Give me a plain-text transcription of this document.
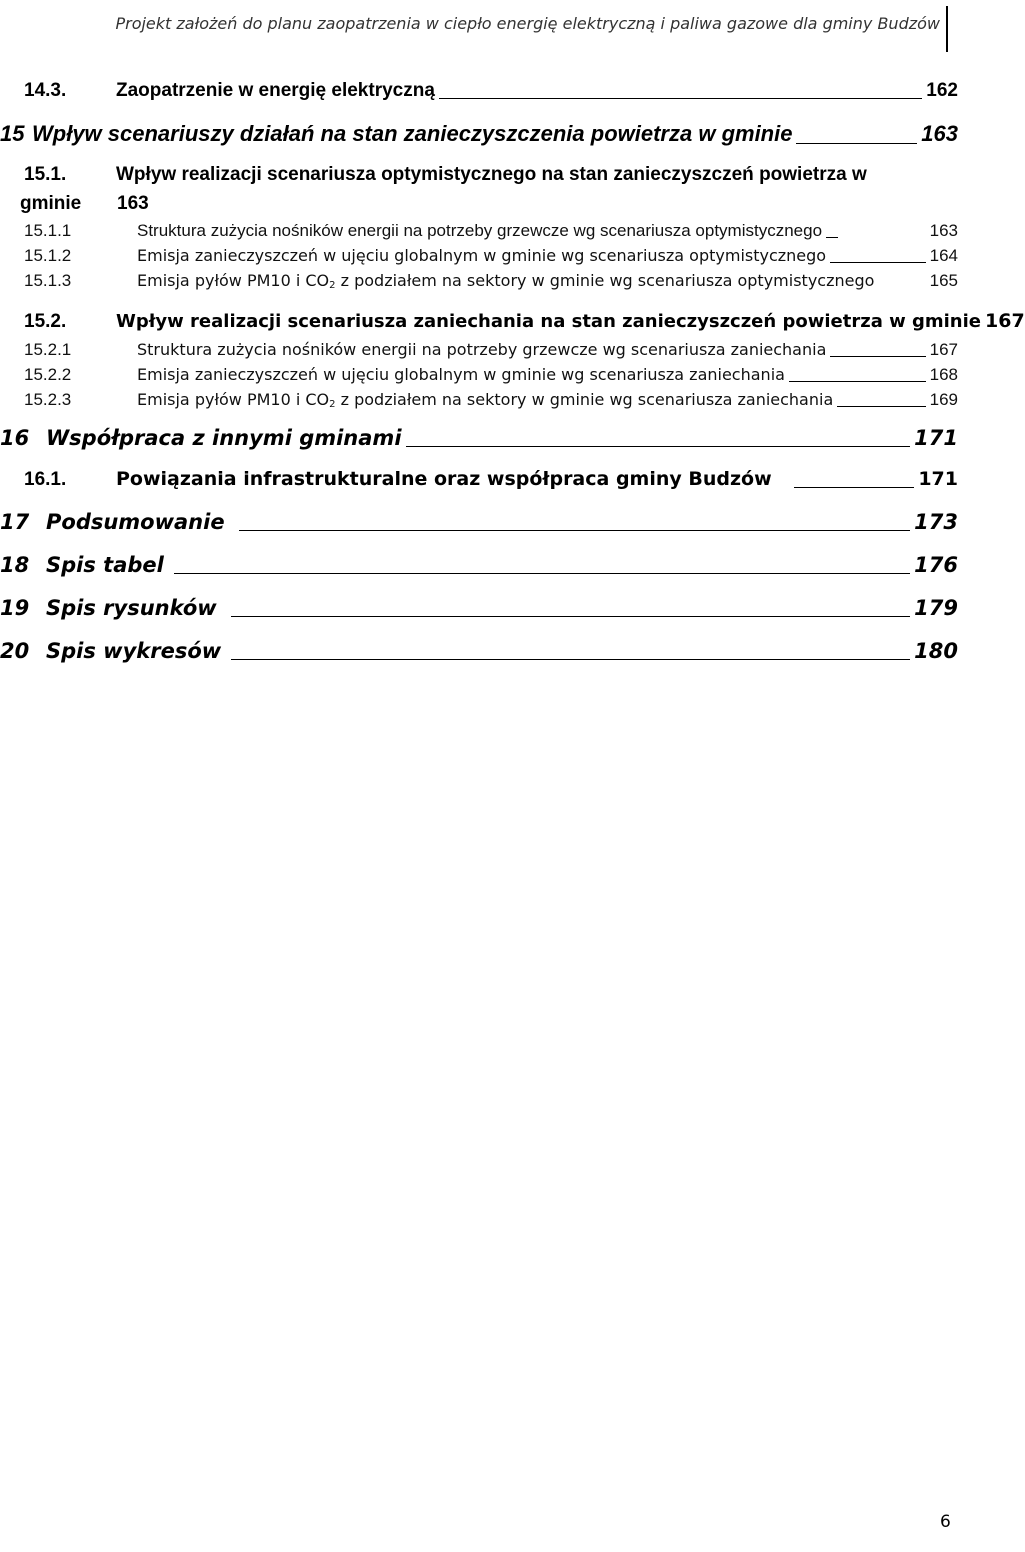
Projekt założeń do planu zaopatrzenia w ciepło energię elektryczną i paliwa gazowe dla gminy Budzów
14.3.	Zaopatrzenie w energię elektryczną	162
15 Wpływ scenariuszy działań na stan zanieczyszczenia powietrza w gminie	163
15.1.	Wpływ realizacji scenariusza optymistycznego na stan zanieczyszczeń powietrza w
gminie 163
15.1.1	Struktura zużycia nośników energii na potrzeby grzewcze wg scenariusza optymistycznego	163
15.1.2	Emisja zanieczyszczeń w ujęciu globalnym w gminie wg scenariusza optymistycznego	164
15.1.3	Emisja pyłów PM10 i $CO_2$ z podziałem na sektory w gminie wg scenariusza optymistycznego	165
15.2.	Wpływ realizacji scenariusza zaniechania na stan zanieczyszczeń powietrza w gminie 167
15.2.1	Struktura zużycia nośników energii na potrzeby grzewcze wg scenariusza zaniechania	167
15.2.2	Emisja zanieczyszczeń w ujęciu globalnym w gminie wg scenariusza zaniechania	168
15.2.3	Emisja pyłów PM10 i $CO_2$ z podziałem na sektory w gminie wg scenariusza zaniechania	169
16 Współpraca z innymi gminami	171
16.1.	Powiązania infrastrukturalne oraz współpraca gminy Budzów	171
17 Podsumowanie	173
18 Spis tabel	176
19 Spis rysunków	179
20 Spis wykresów	180
6
